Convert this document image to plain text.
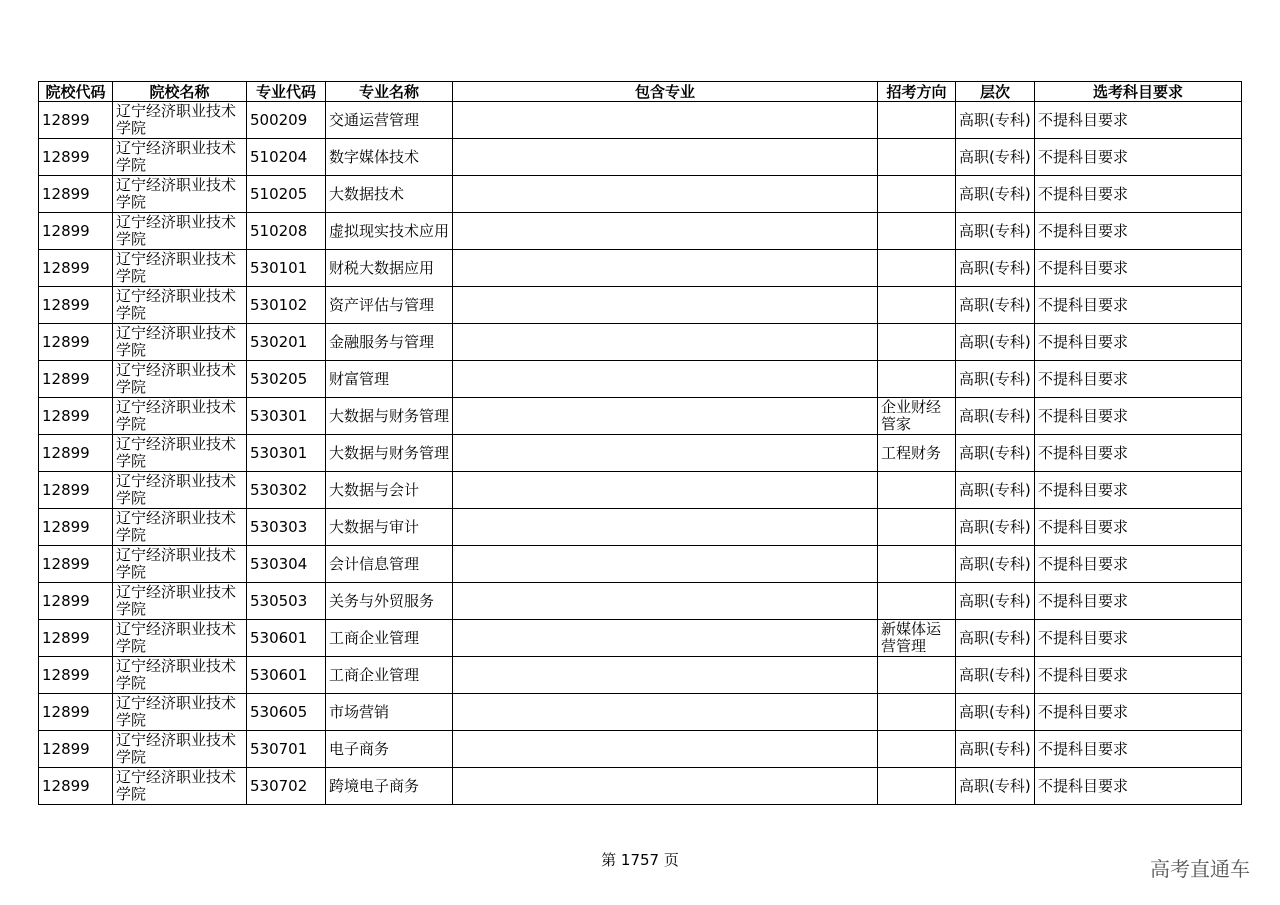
院校代码	院校名称	专业代码	专业名称	包含专业	招考方向	层次	选考科目要求
12899	辽宁经济职业技术学院	500209	交通运营管理			高职(专科)	不提科目要求
12899	辽宁经济职业技术学院	510204	数字媒体技术			高职(专科)	不提科目要求
12899	辽宁经济职业技术学院	510205	大数据技术			高职(专科)	不提科目要求
12899	辽宁经济职业技术学院	510208	虚拟现实技术应用			高职(专科)	不提科目要求
12899	辽宁经济职业技术学院	530101	财税大数据应用			高职(专科)	不提科目要求
12899	辽宁经济职业技术学院	530102	资产评估与管理			高职(专科)	不提科目要求
12899	辽宁经济职业技术学院	530201	金融服务与管理			高职(专科)	不提科目要求
12899	辽宁经济职业技术学院	530205	财富管理			高职(专科)	不提科目要求
12899	辽宁经济职业技术学院	530301	大数据与财务管理		企业财经管家	高职(专科)	不提科目要求
12899	辽宁经济职业技术学院	530301	大数据与财务管理		工程财务	高职(专科)	不提科目要求
12899	辽宁经济职业技术学院	530302	大数据与会计			高职(专科)	不提科目要求
12899	辽宁经济职业技术学院	530303	大数据与审计			高职(专科)	不提科目要求
12899	辽宁经济职业技术学院	530304	会计信息管理			高职(专科)	不提科目要求
12899	辽宁经济职业技术学院	530503	关务与外贸服务			高职(专科)	不提科目要求
12899	辽宁经济职业技术学院	530601	工商企业管理		新媒体运营管理	高职(专科)	不提科目要求
12899	辽宁经济职业技术学院	530601	工商企业管理			高职(专科)	不提科目要求
12899	辽宁经济职业技术学院	530605	市场营销			高职(专科)	不提科目要求
12899	辽宁经济职业技术学院	530701	电子商务			高职(专科)	不提科目要求
12899	辽宁经济职业技术学院	530702	跨境电子商务			高职(专科)	不提科目要求
第 1757 页	高考直通车
